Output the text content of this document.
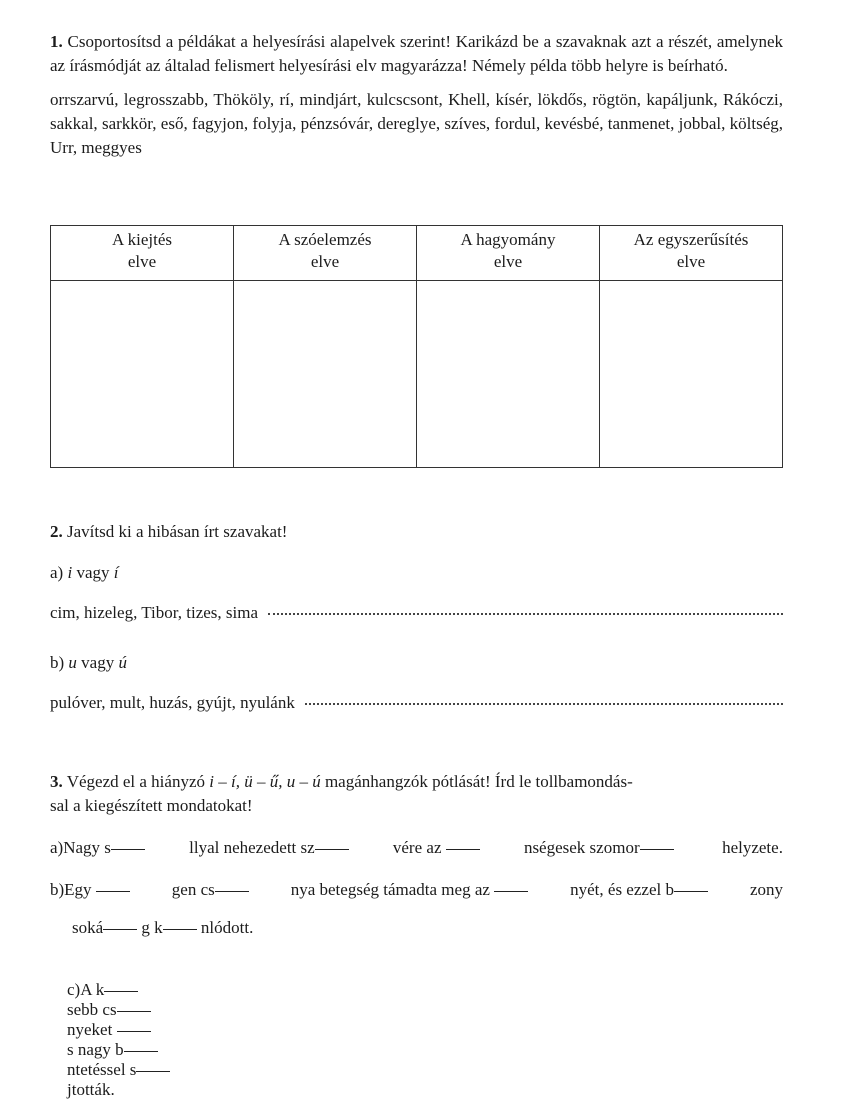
1. Csoportosítsd a példákat a helyesírási alapelvek szerint! Karikázd be a szavaknak azt a részét, amelynek az írásmódját az általad felismert helyesírási elv magyarázza! Némely példa több helyre is beírható.

orrszarvú, legrosszabb, Thököly, rí, mindjárt, kulcscsont, Khell, kísér, lökdős, rögtön, kapáljunk, Rákóczi, sakkal, sarkkör, eső, fagyjon, folyja, pénzsóvár, dereglye, szíves, fordul, kevésbé, tanmenet, jobbal, költség, Urr, meggyes

A kiejtés
elve	A szóelemzés
elve	A hagyomány
elve	Az egyszerűsítés
elve

2. Javítsd ki a hibásan írt szavakat!

a) i vagy í

cim, hizeleg, Tibor, tizes, sima

b) u vagy ú

pulóver, mult, huzás, gyújt, nyulánk

3. Végezd el a hiányzó i – í, ü – ű, u – ú magánhangzók pótlását! Írd le tollbamondás-

sal a kiegészített mondatokat!

a) Nagy s	llyal nehezedett sz	vére az	nségesek szomor	helyzete.
b) Egy	gen cs	nya betegség támadta meg az	nyét, és ezzel b	zony
soká
g k nlódott.

c) A k

sebb cs

nyeket

s nagy b

ntetéssel s

jtották.
